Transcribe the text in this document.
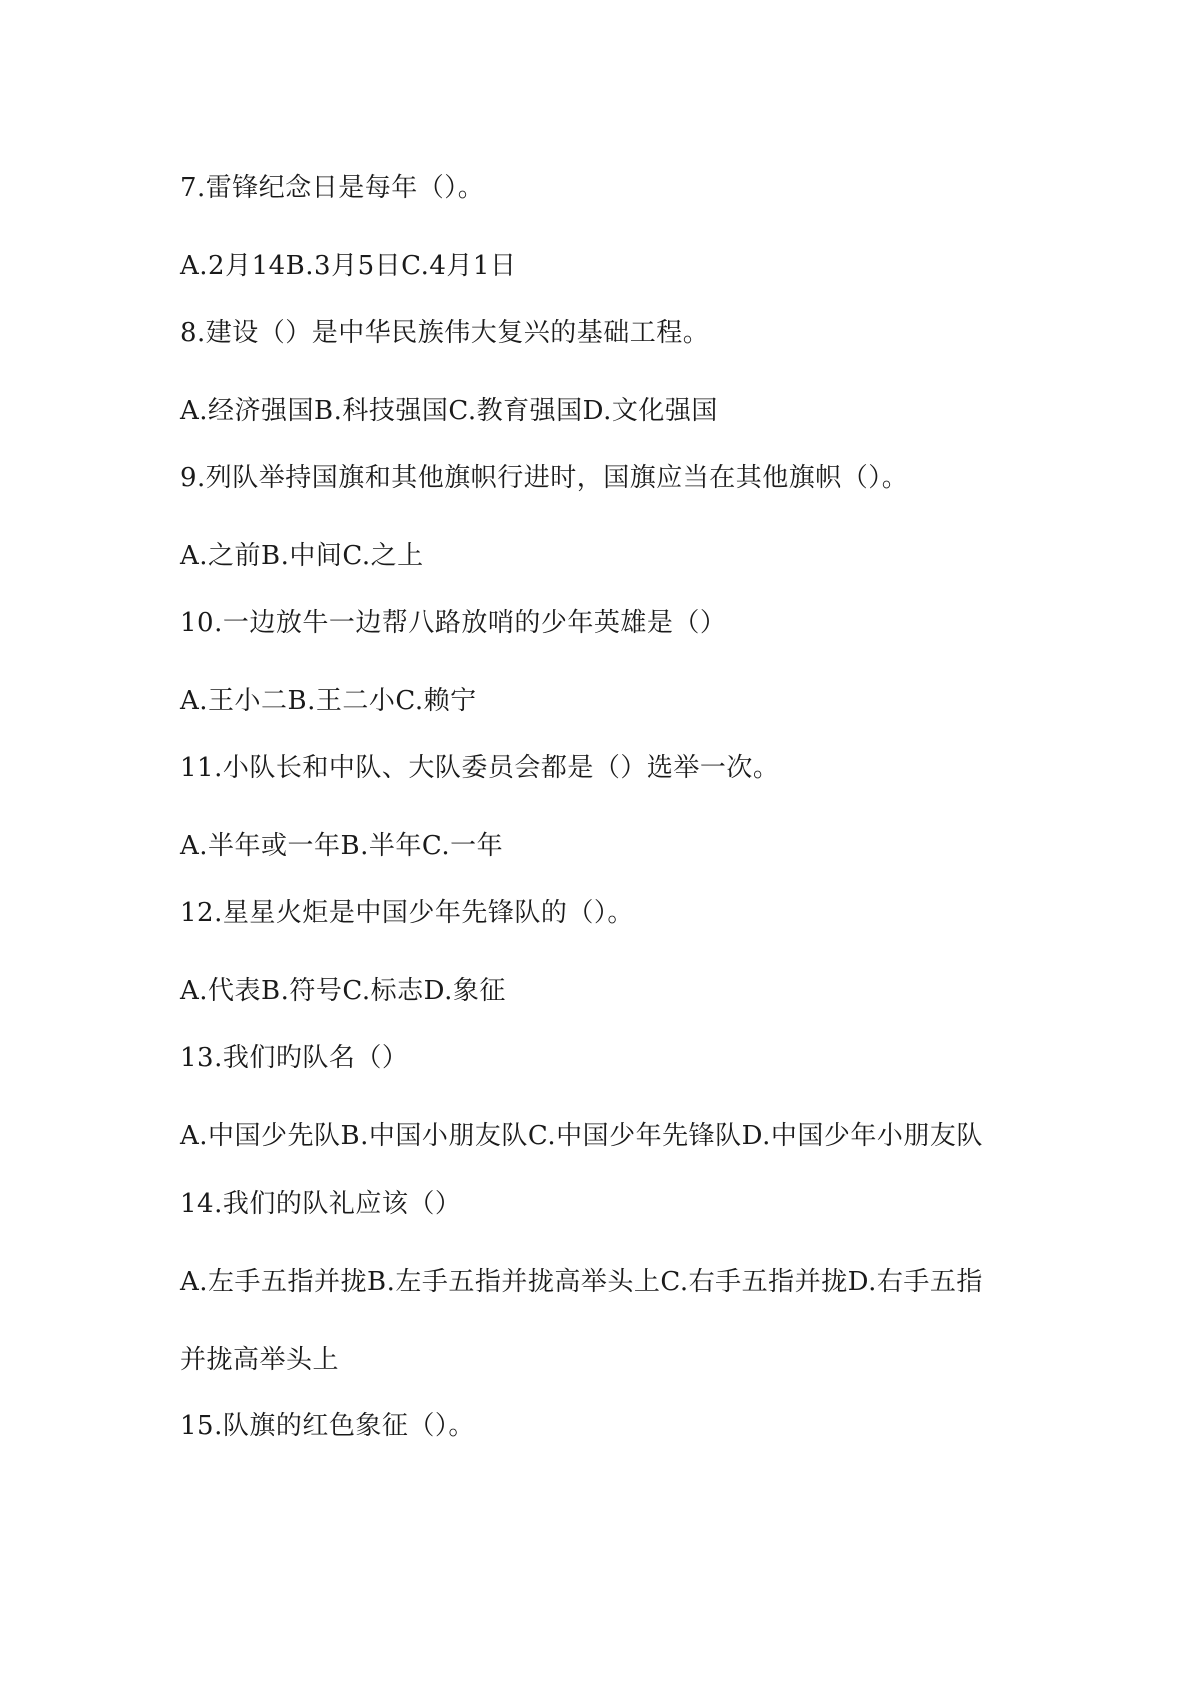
7.雷锋纪念日是每年（）。
A.2月14B.3月5日C.4月1日
8.建设（）是中华民族伟大复兴的基础工程。
A.经济强国B.科技强国C.教育强国D.文化强国
9.列队举持国旗和其他旗帜行进时，国旗应当在其他旗帜（）。
A.之前B.中间C.之上
10.一边放牛一边帮八路放哨的少年英雄是（）
A.王小二B.王二小C.赖宁
11.小队长和中队、大队委员会都是（）选举一次。
A.半年或一年B.半年C.一年
12.星星火炬是中国少年先锋队的（）。
A.代表B.符号C.标志D.象征
13.我们旳队名（）
A.中国少先队B.中国小朋友队C.中国少年先锋队D.中国少年小朋友队
14.我们的队礼应该（）
A.左手五指并拢B.左手五指并拢高举头上C.右手五指并拢D.右手五指
并拢高举头上
15.队旗的红色象征（）。
